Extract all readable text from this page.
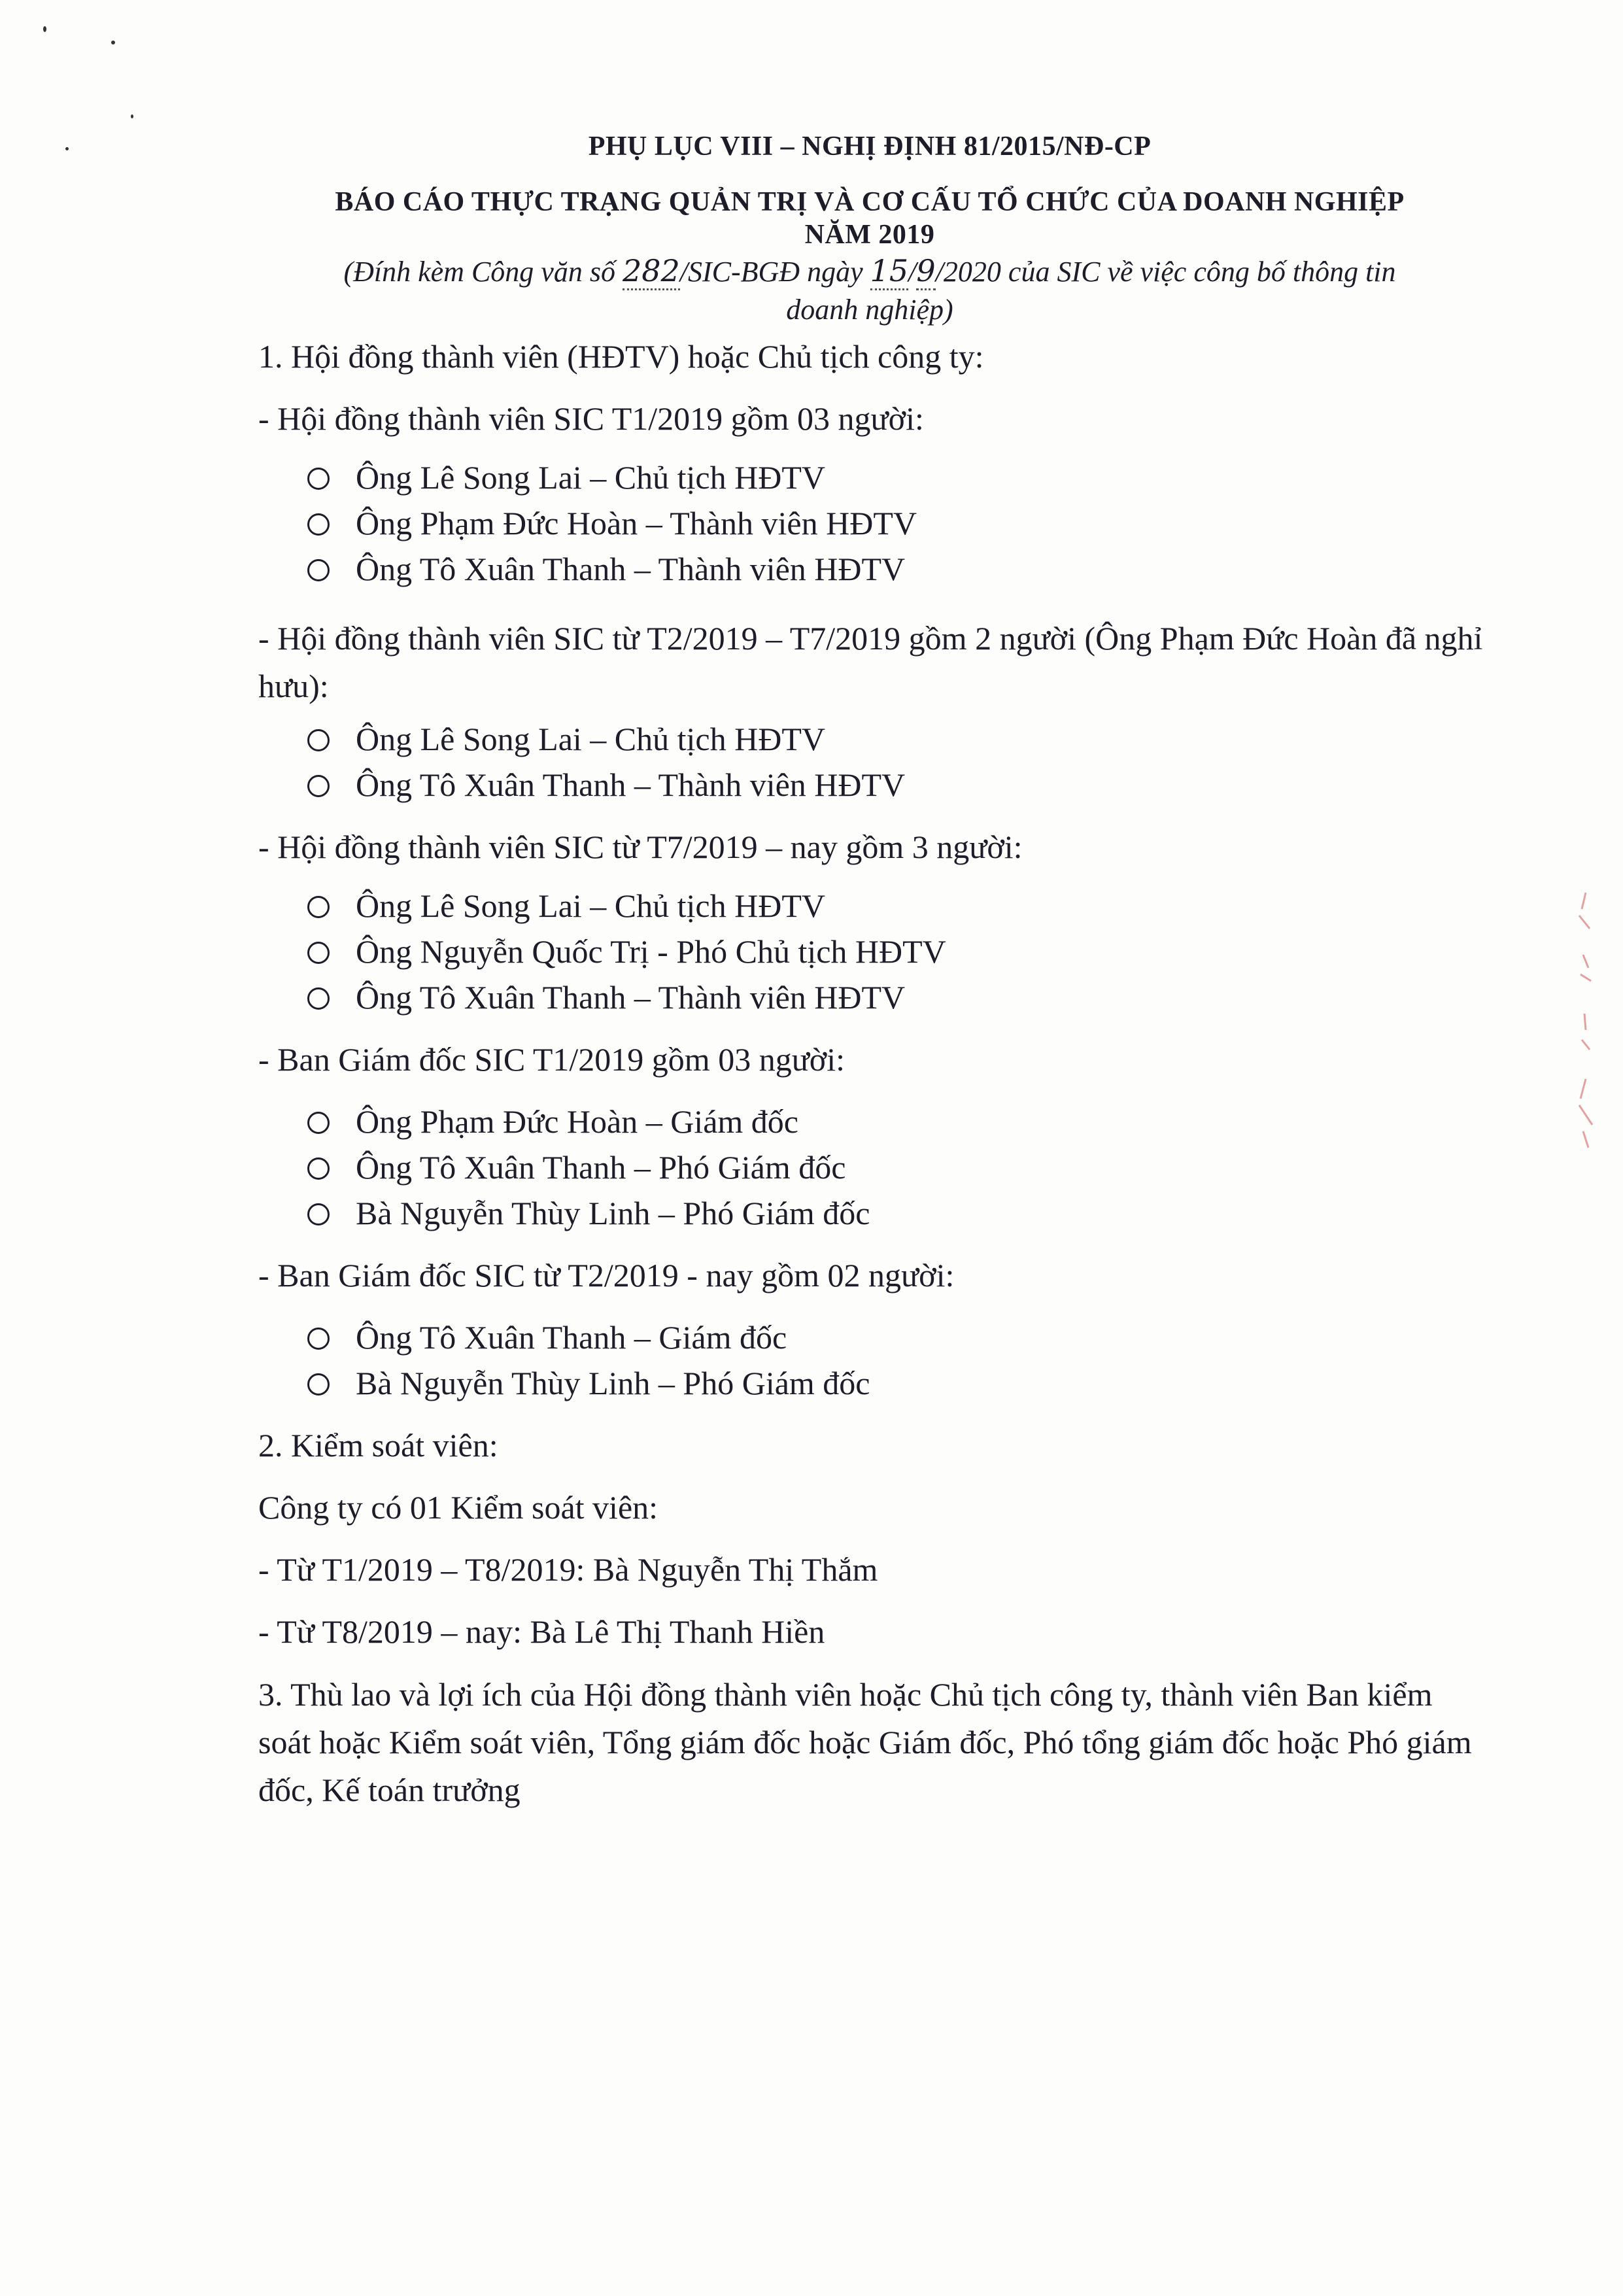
PHỤ LỤC VIII – NGHỊ ĐỊNH 81/2015/NĐ-CP
BÁO CÁO THỰC TRẠNG QUẢN TRỊ VÀ CƠ CẤU TỔ CHỨC CỦA DOANH NGHIỆP
NĂM 2019
(Đính kèm Công văn số 282/SIC-BGĐ ngày 15/9/2020 của SIC về việc công bố thông tin
doanh nghiệp)
1. Hội đồng thành viên (HĐTV) hoặc Chủ tịch công ty:
- Hội đồng thành viên SIC T1/2019 gồm 03 người:
Ông Lê Song Lai – Chủ tịch HĐTV
Ông Phạm Đức Hoàn – Thành viên HĐTV
Ông Tô Xuân Thanh – Thành viên HĐTV
- Hội đồng thành viên SIC từ T2/2019 – T7/2019 gồm 2 người (Ông Phạm Đức Hoàn đã nghỉ hưu):
Ông Lê Song Lai – Chủ tịch HĐTV
Ông Tô Xuân Thanh – Thành viên HĐTV
- Hội đồng thành viên SIC từ T7/2019 – nay gồm 3 người:
Ông Lê Song Lai – Chủ tịch HĐTV
Ông Nguyễn Quốc Trị - Phó Chủ tịch HĐTV
Ông Tô Xuân Thanh – Thành viên HĐTV
- Ban Giám đốc SIC T1/2019 gồm 03 người:
Ông Phạm Đức Hoàn – Giám đốc
Ông Tô Xuân Thanh – Phó Giám đốc
Bà Nguyễn Thùy Linh – Phó Giám đốc
- Ban Giám đốc SIC từ T2/2019 - nay gồm 02 người:
Ông Tô Xuân Thanh – Giám đốc
Bà Nguyễn Thùy Linh – Phó Giám đốc
2. Kiểm soát viên:
Công ty có 01 Kiểm soát viên:
- Từ T1/2019 – T8/2019: Bà Nguyễn Thị Thắm
- Từ T8/2019 – nay: Bà Lê Thị Thanh Hiền
3. Thù lao và lợi ích của Hội đồng thành viên hoặc Chủ tịch công ty, thành viên Ban kiểm soát hoặc Kiểm soát viên, Tổng giám đốc hoặc Giám đốc, Phó tổng giám đốc hoặc Phó giám đốc, Kế toán trưởng
